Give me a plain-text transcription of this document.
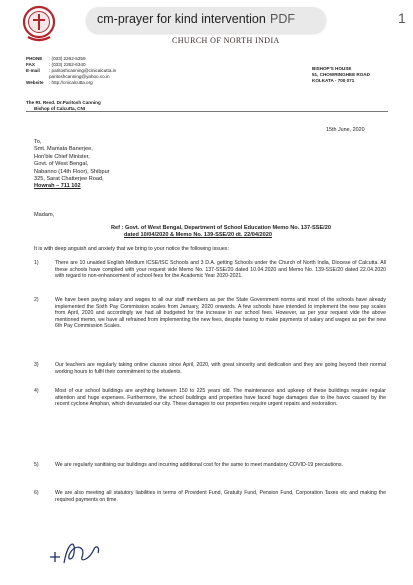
CHURCH OF NORTH INDIA
PHONE	: (033) 2262-5259
FAX	: (033) 2262-6340
E-mail	: paritoshcanning@cinicalcutta.in
paritoshcanning@yahoo.co.in
Website	: http://cnicalcutta.org
BISHOP'S HOUSE
51, CHOWRINGHEE ROAD
KOLKATA - 700 071
The Rt. Revd. Dr.Paritosh Canning
Bishop of Calcutta, CNI
15th June, 2020
To,
Smt. Mamata Banerjee,
Hon'ble Chief Minister,
Govt. of West Bengal,
Nabanno (14th Floor), Shibpur
325, Sarat Chatterjee Road,
Howrah – 711 102
Madam,
Ref : Govt. of West Bengal, Department of School Education Memo No. 137-SSE/20
dated 10/04/2020 & Memo No. 139-SSE/20 dt. 22/04/2020
It is with deep anguish and anxiety that we bring to your notice the following issues:
1)	There are 10 unaided English Medium ICSE/ISC Schools and 3 D.A. getting Schools under the Church of North India, Diocese of Calcutta. All these schools have complied with your request vide Memo No. 137-SSE/20 dated 10.04.2020 and Memo No. 139-SSE/20 dated 22.04.2020 with regard to non-enhancement of school fees for the Academic Year 2020-2021.
2)	We have been paying salary and wages to all our staff members as per the State Government norms and most of the schools have already implemented the Sixth Pay Commission scales from January, 2020 onwards. A few schools have intended to implement the new pay scales from April, 2020 and accordingly we had all budgeted for the increase in our school fees. However, as per your request vide the above mentioned memo, we have all refrained from implementing the new fees, despite having to make payments of salary and wages as per the new 6th Pay Commission Scales.
3)	Our teachers are regularly taking online classes since April, 2020, with great sincerity and dedication and they are going beyond their normal working hours to fulfil their commitment to the students.
4)	Most of our school buildings are anything between 150 to 225 years old. The maintenance and upkeep of these buildings require regular attention and huge expenses. Furthermore, the school buildings and properties have faced huge damages due to the havoc caused by the recent cyclone Amphan, which devastated our city. These damages to our properties require urgent repairs and restoration.
5)	We are regularly sanitising our buildings and incurring additional cost for the same to meet mandatory COVID-19 precautions.
6)	We are also meeting all statutory liabilities in terms of Provident Fund, Gratuity Fund, Pension Fund, Corporation Taxes etc and making the required payments on time.
cm-prayer for kind intervention PDF	1
